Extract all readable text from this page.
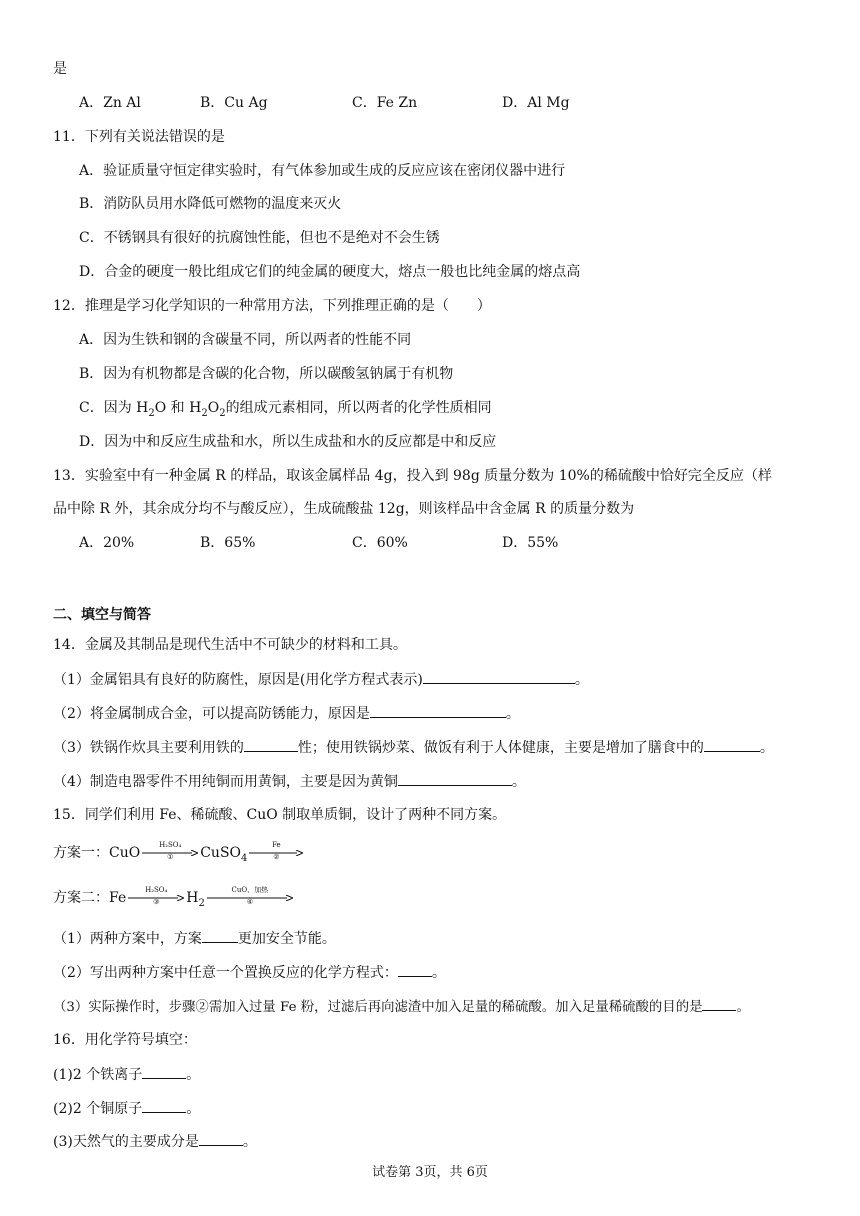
是
A．Zn Al	B．Cu Ag	C．Fe Zn	D．Al Mg
11．下列有关说法错误的是
A．验证质量守恒定律实验时，有气体参加或生成的反应应该在密闭仪器中进行
B．消防队员用水降低可燃物的温度来灭火
C．不锈钢具有很好的抗腐蚀性能，但也不是绝对不会生锈
D．合金的硬度一般比组成它们的纯金属的硬度大，熔点一般也比纯金属的熔点高
12．推理是学习化学知识的一种常用方法，下列推理正确的是（　　）
A．因为生铁和钢的含碳量不同，所以两者的性能不同
B．因为有机物都是含碳的化合物，所以碳酸氢钠属于有机物
C．因为 $H_2O$ 和 $H_2O_2$的组成元素相同，所以两者的化学性质相同
D．因为中和反应生成盐和水，所以生成盐和水的反应都是中和反应
13．实验室中有一种金属 R 的样品，取该金属样品 4g，投入到 98g 质量分数为 10%的稀硫酸中恰好完全反应（样
品中除 R 外，其余成分均不与酸反应），生成硫酸盐 12g，则该样品中含金属 R 的质量分数为
A．20%	B．65%	C．60%	D．55%
二、填空与简答
14．金属及其制品是现代生活中不可缺少的材料和工具。
（1）金属铝具有良好的防腐性，原因是(用化学方程式表示)	。
（2）将金属制成合金，可以提高防锈能力，原因是	。
（3）铁锅作炊具主要利用铁的	性；使用铁锅炒菜、做饭有利于人体健康，主要是增加了膳食中的	。
（4）制造电器零件不用纯铜而用黄铜，主要是因为黄铜	。
15．同学们利用 Fe、稀硫酸、CuO 制取单质铜，设计了两种不同方案。
方案一：CuO	H₂SO₄
①	CuSO$_4$
Fe
②
方案二：Fe	H₂SO₄
③	$H_2$
CuO、加热
④
（1）两种方案中，方案	更加安全节能。
（2）写出两种方案中任意一个置换反应的化学方程式： 。
（3）实际操作时，步骤②需加入过量 Fe 粉，过滤后再向滤渣中加入足量的稀硫酸。加入足量稀硫酸的目的是	。
16．用化学符号填空：
(1)2 个铁离子	。
(2)2 个铜原子	。
(3)天然气的主要成分是	。
试卷第 3页，共 6页
